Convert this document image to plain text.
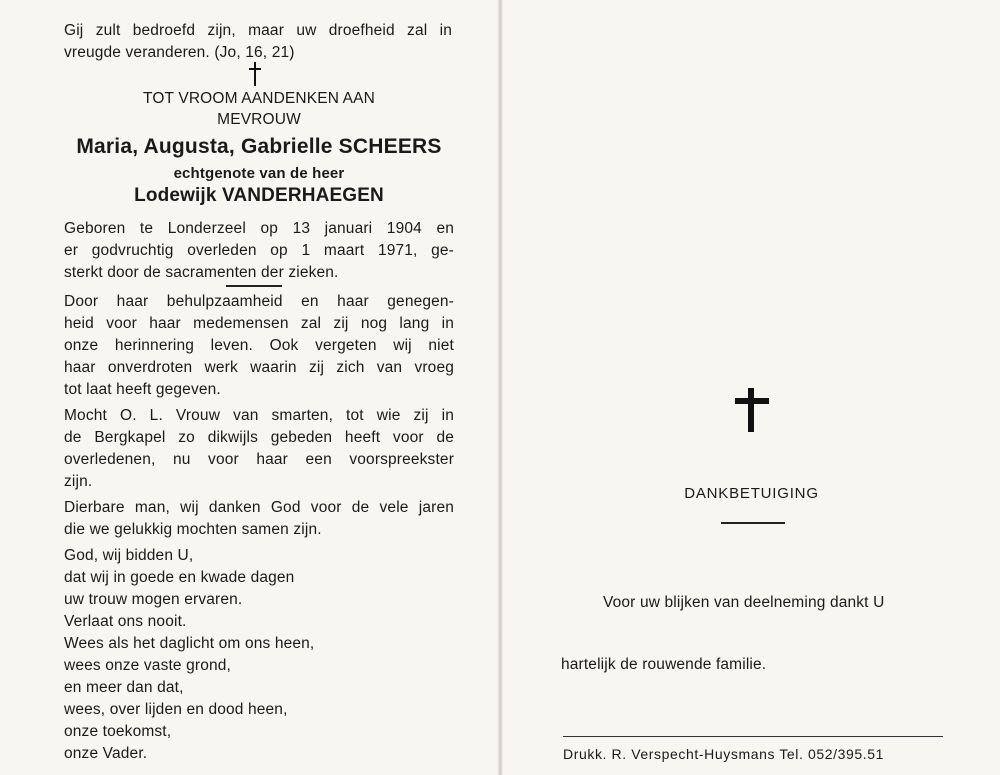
Gij zult bedroefd zijn, maar uw droefheid zal in
vreugde veranderen. (Jo, 16, 21)
TOT VROOM AANDENKEN AAN
MEVROUW
Maria, Augusta, Gabrielle SCHEERS
echtgenote van de heer
Lodewijk VANDERHAEGEN
Geboren te Londerzeel op 13 januari 1904 en
er godvruchtig overleden op 1 maart 1971, ge-
sterkt door de sacramenten der zieken.
Door haar behulpzaamheid en haar genegen-
heid voor haar medemensen zal zij nog lang in
onze herinnering leven. Ook vergeten wij niet
haar onverdroten werk waarin zij zich van vroeg
tot laat heeft gegeven.
Mocht O. L. Vrouw van smarten, tot wie zij in
de Bergkapel zo dikwijls gebeden heeft voor de
overledenen, nu voor haar een voorspreekster
zijn.
Dierbare man, wij danken God voor de vele jaren
die we gelukkig mochten samen zijn.
God, wij bidden U,
dat wij in goede en kwade dagen
uw trouw mogen ervaren.
Verlaat ons nooit.
Wees als het daglicht om ons heen,
wees onze vaste grond,
en meer dan dat,
wees, over lijden en dood heen,
onze toekomst,
onze Vader.
DANKBETUIGING
Voor uw blijken van deelneming dankt U
hartelijk de rouwende familie.
Drukk. R. Verspecht-Huysmans Tel. 052/395.51
